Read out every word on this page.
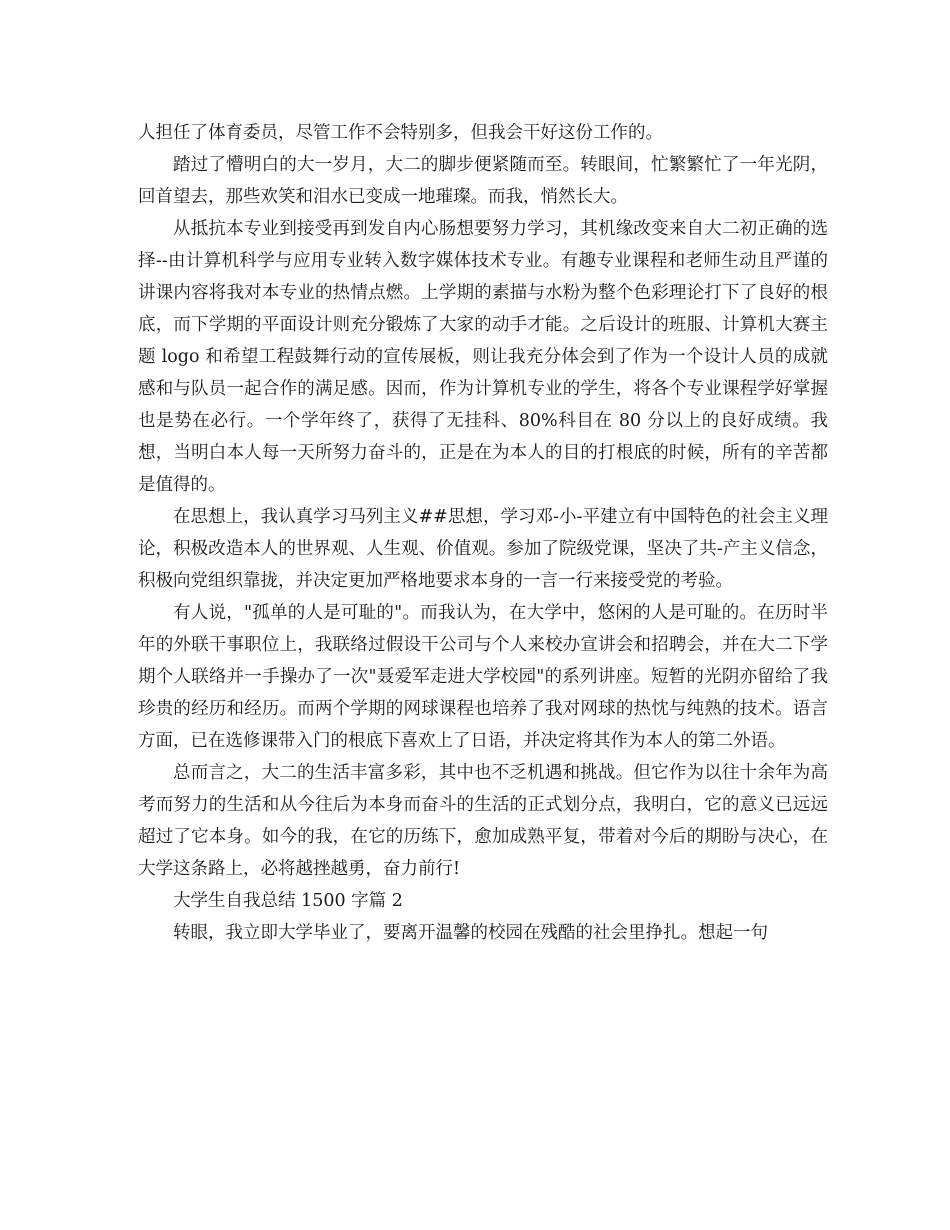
人担任了体育委员，尽管工作不会特别多，但我会干好这份工作的。

踏过了懵明白的大一岁月，大二的脚步便紧随而至。转眼间，忙繁繁忙了一年光阴，回首望去，那些欢笑和泪水已变成一地璀璨。而我，悄然长大。

从抵抗本专业到接受再到发自内心肠想要努力学习，其机缘改变来自大二初正确的选择--由计算机科学与应用专业转入数字媒体技术专业。有趣专业课程和老师生动且严谨的讲课内容将我对本专业的热情点燃。上学期的素描与水粉为整个色彩理论打下了良好的根底，而下学期的平面设计则充分锻炼了大家的动手才能。之后设计的班服、计算机大赛主题 logo 和希望工程鼓舞行动的宣传展板，则让我充分体会到了作为一个设计人员的成就感和与队员一起合作的满足感。因而，作为计算机专业的学生，将各个专业课程学好掌握也是势在必行。一个学年终了，获得了无挂科、80%科目在 80 分以上的良好成绩。我想，当明白本人每一天所努力奋斗的，正是在为本人的目的打根底的时候，所有的辛苦都是值得的。

在思想上，我认真学习马列主义##思想，学习邓-小-平建立有中国特色的社会主义理论，积极改造本人的世界观、人生观、价值观。参加了院级党课，坚决了共-产主义信念，积极向党组织靠拢，并决定更加严格地要求本身的一言一行来接受党的考验。

有人说，"孤单的人是可耻的"。而我认为，在大学中，悠闲的人是可耻的。在历时半年的外联干事职位上，我联络过假设干公司与个人来校办宣讲会和招聘会，并在大二下学期个人联络并一手操办了一次"聂爱军走进大学校园"的系列讲座。短暂的光阴亦留给了我珍贵的经历和经历。而两个学期的网球课程也培养了我对网球的热忱与纯熟的技术。语言方面，已在选修课带入门的根底下喜欢上了日语，并决定将其作为本人的第二外语。

总而言之，大二的生活丰富多彩，其中也不乏机遇和挑战。但它作为以往十余年为高考而努力的生活和从今往后为本身而奋斗的生活的正式划分点，我明白，它的意义已远远超过了它本身。如今的我，在它的历练下，愈加成熟平复，带着对今后的期盼与决心，在大学这条路上，必将越挫越勇，奋力前行!

大学生自我总结 1500 字篇 2

转眼，我立即大学毕业了，要离开温馨的校园在残酷的社会里挣扎。想起一句
